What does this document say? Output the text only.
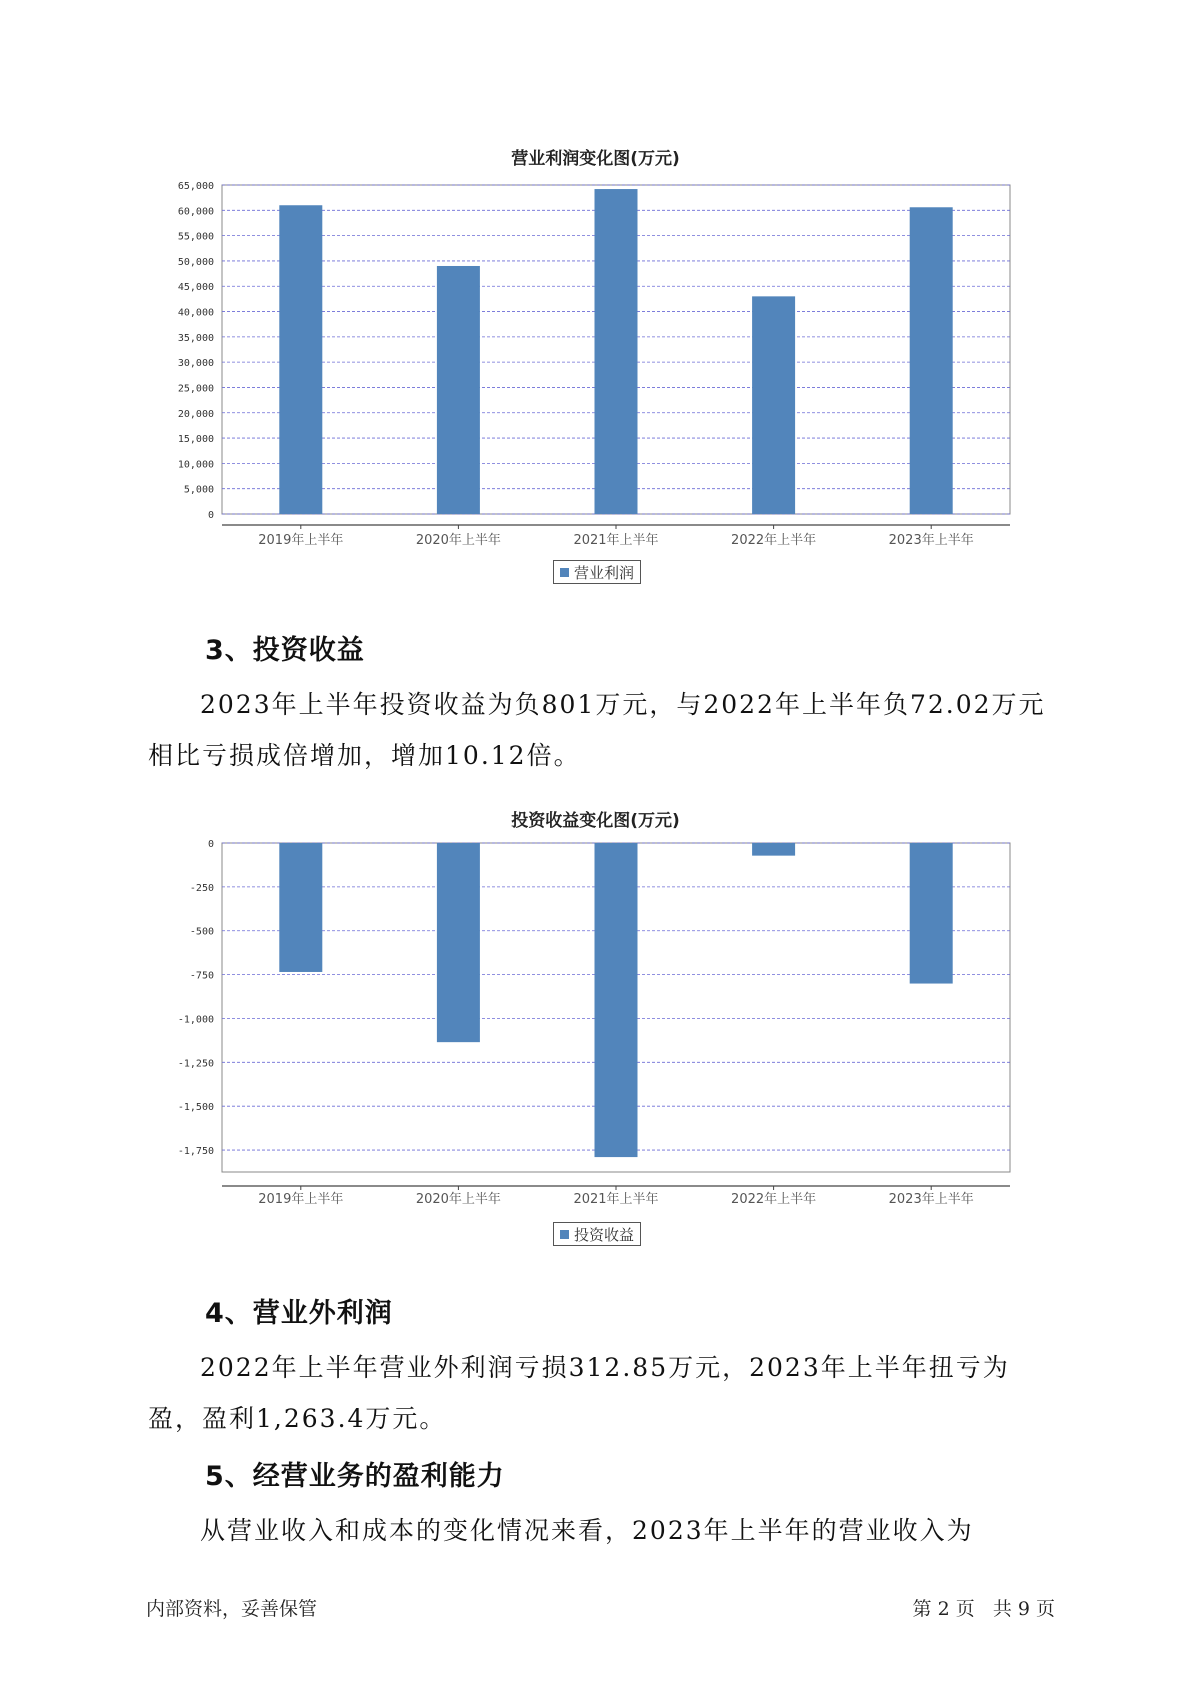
营业利润变化图(万元)
0
5,000
10,000
15,000
20,000
25,000
30,000
35,000
40,000
45,000
50,000
55,000
60,000
65,000
2019年上半年	2020年上半年	2021年上半年	2022年上半年	2023年上半年
营业利润
3、投资收益

2023年上半年投资收益为负801万元，与2022年上半年负72.02万元相比亏损成倍增加，增加10.12倍。

投资收益变化图(万元)
0
-250
-500
-750
-1,000
-1,250
-1,500
-1,750
2019年上半年	2020年上半年	2021年上半年	2022年上半年	2023年上半年
投资收益
4、营业外利润

2022年上半年营业外利润亏损312.85万元，2023年上半年扭亏为盈，盈利1,263.4万元。

5、经营业务的盈利能力

从营业收入和成本的变化情况来看，2023年上半年的营业收入为

内部资料，妥善保管	第 2 页   共 9 页
